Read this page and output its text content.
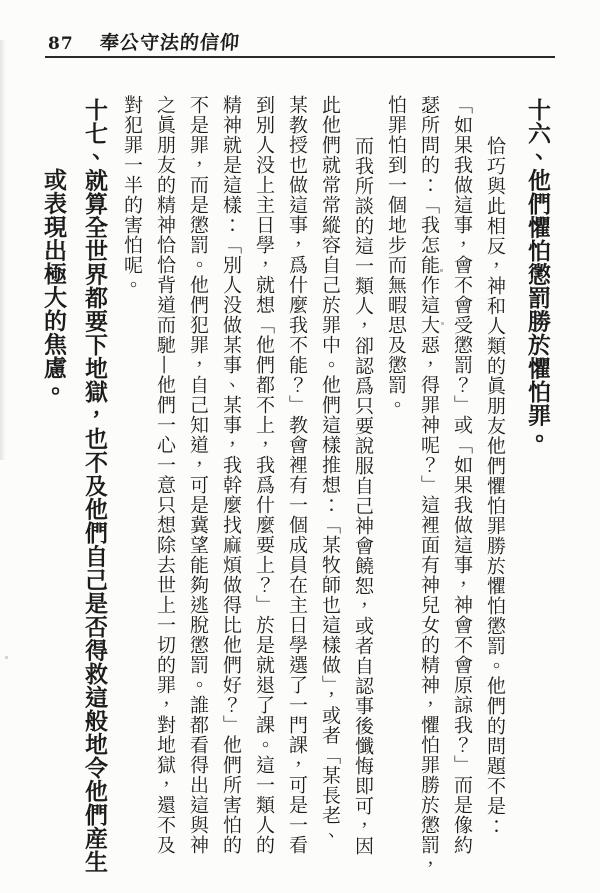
87 奉公守法的信仰
十六、他們懼怕懲罰勝於懼怕罪。
恰巧與此相反，神和人類的眞朋友他們懼怕罪勝於懼怕懲罰。他們的問題不是：
「如果我做這事，會不會受懲罰？」或「如果我做這事，神會不會原諒我？」而是像約
瑟所問的：「我怎能作這大惡，得罪神呢？」這裡面有神兒女的精神，懼怕罪勝於懲罰，
怕罪怕到一個地步而無暇思及懲罰。
而我所談的這一類人，卻認爲只要說服自己神會饒恕，或者自認事後懺悔即可，因
此他們就常常縱容自己於罪中。他們這樣推想：「某牧師也這樣做」，或者「某長老、
某教授也做這事，爲什麼我不能？」教會裡有一個成員在主日學選了一門課，可是一看
到別人没上主日學，就想「他們都不上，我爲什麼要上？」於是就退了課。這一類人的
精神就是這樣：「別人没做某事、某事，我幹麼找麻煩做得比他們好？」他們所害怕的
不是罪，而是懲罰。他們犯罪，自己知道，可是冀望能夠逃脫懲罰。誰都看得出這與神
之眞朋友的精神恰恰背道而馳—他們一心一意只想除去世上一切的罪，對地獄，還不及
對犯罪一半的害怕呢。
十七、就算全世界都要下地獄，也不及他們自己是否得救這般地令他們産生
或表現出極大的焦慮。
